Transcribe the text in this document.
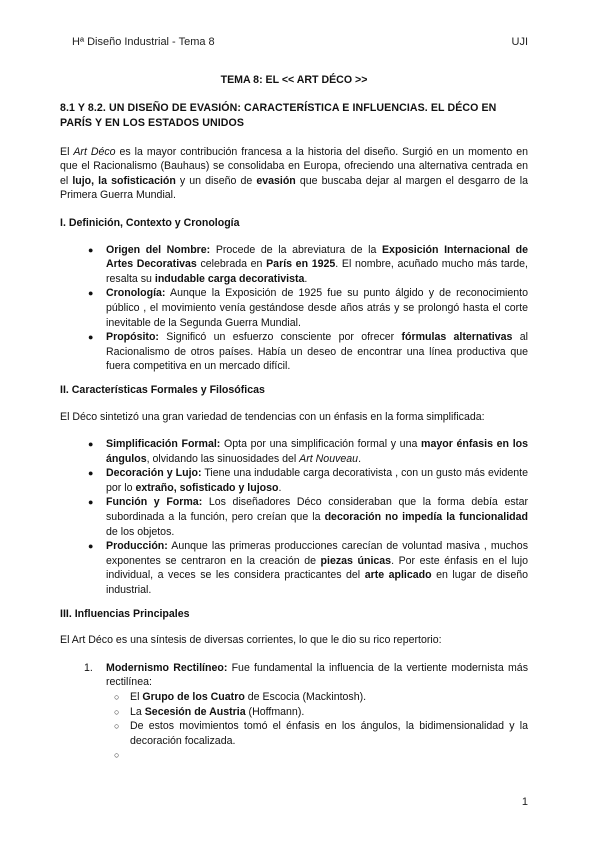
Hª Diseño Industrial - Tema 8	UJI
TEMA 8: EL << ART DÉCO >>
8.1 Y 8.2. UN DISEÑO DE EVASIÓN: CARACTERÍSTICA E INFLUENCIAS. EL DÉCO EN PARÍS Y EN LOS ESTADOS UNIDOS

El Art Déco es la mayor contribución francesa a la historia del diseño. Surgió en un momento en que el Racionalismo (Bauhaus) se consolidaba en Europa, ofreciendo una alternativa centrada en el lujo, la sofisticación y un diseño de evasión que buscaba dejar al margen el desgarro de la Primera Guerra Mundial.

I. Definición, Contexto y Cronología
● Origen del Nombre: Procede de la abreviatura de la Exposición Internacional de Artes Decorativas celebrada en París en 1925. El nombre, acuñado mucho más tarde, resalta su indudable carga decorativista.
● Cronología: Aunque la Exposición de 1925 fue su punto álgido y de reconocimiento público , el movimiento venía gestándose desde años atrás y se prolongó hasta el corte inevitable de la Segunda Guerra Mundial.
● Propósito: Significó un esfuerzo consciente por ofrecer fórmulas alternativas al Racionalismo de otros países. Había un deseo de encontrar una línea productiva que fuera competitiva en un mercado difícil.
II. Características Formales y Filosóficas

El Déco sintetizó una gran variedad de tendencias con un énfasis en la forma simplificada:

● Simplificación Formal: Opta por una simplificación formal y una mayor énfasis en los ángulos, olvidando las sinuosidades del Art Nouveau.
● Decoración y Lujo: Tiene una indudable carga decorativista , con un gusto más evidente por lo extraño, sofisticado y lujoso.
● Función y Forma: Los diseñadores Déco consideraban que la forma debía estar subordinada a la función, pero creían que la decoración no impedía la funcionalidad de los objetos.
● Producción: Aunque las primeras producciones carecían de voluntad masiva , muchos exponentes se centraron en la creación de piezas únicas. Por este énfasis en el lujo individual, a veces se les considera practicantes del arte aplicado en lugar de diseño industrial.
III. Influencias Principales

El Art Déco es una síntesis de diversas corrientes, lo que le dio su rico repertorio:

1. Modernismo Rectilíneo: Fue fundamental la influencia de la vertiente modernista más rectilínea:
○ El Grupo de los Cuatro de Escocia (Mackintosh).
○ La Secesión de Austria (Hoffmann).
○ De estos movimientos tomó el énfasis en los ángulos, la bidimensionalidad y la decoración focalizada.
○

1
